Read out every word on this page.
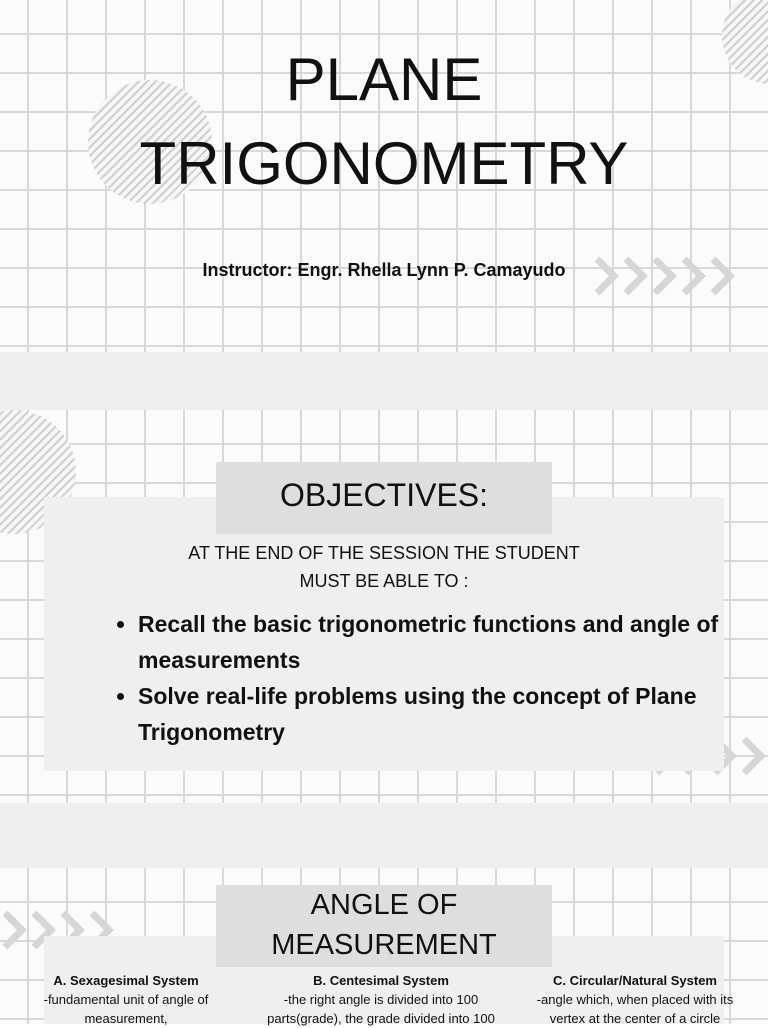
PLANE
TRIGONOMETRY
Instructor: Engr. Rhella Lynn P. Camayudo
OBJECTIVES:
AT THE END OF THE SESSION THE STUDENT
MUST BE ABLE TO :
• Recall the basic trigonometric functions and angle of measurements
• Solve real-life problems using the concept of Plane Trigonometry
ANGLE OF
MEASUREMENT
A. Sexagesimal System
-fundamental unit of angle of
measurement,
B. Centesimal System
-the right angle is divided into 100
parts(grade), the grade divided into 100
C. Circular/Natural System
-angle which, when placed with its
vertex at the center of a circle
